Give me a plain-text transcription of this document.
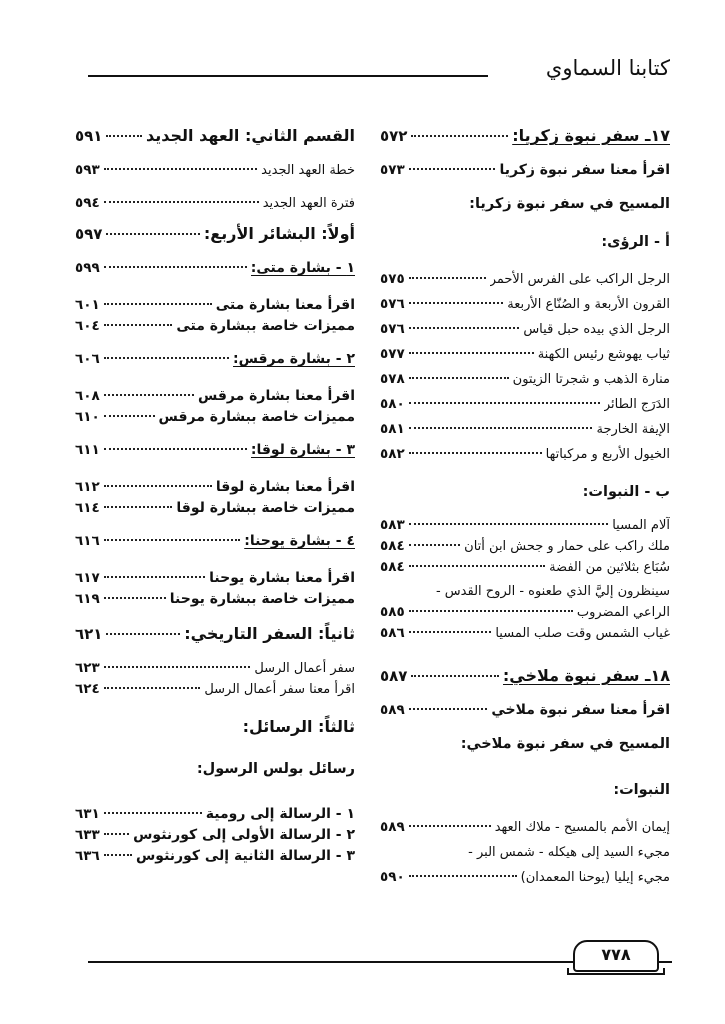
كتابنا السماوي
١٧ـ سفر نبوة زكريا:
٥٧٢
اقرأ معنا سفر نبوة زكريا
٥٧٣
المسيح في سفر نبوة زكريا:
أ - الرؤى:
الرجل الراكب على الفرس الأحمر
٥٧٥
القرون الأربعة و الصُنّاع الأربعة
٥٧٦
الرجل الذي بيده حبل قياس
٥٧٦
ثياب يهوشع رئيس الكهنة
٥٧٧
منارة الذهب و شجرتا الزيتون
٥٧٨
الدَرَج الطائر
٥٨٠
الإيفة الخارجة
٥٨١
الخيول الأربع و مركباتها
٥٨٢
ب - النبوات:
آلام المسيا
٥٨٣
ملك راكب على حمار و جحش ابن أتان
٥٨٤
سُبَاع بثلاثين من الفضة
٥٨٤
سينظرون إليَّ الذي طعنوه - الروح القدس -
الراعي المضروب
٥٨٥
غياب الشمس وقت صلب المسيا
٥٨٦
١٨ـ سفر نبوة ملاخي:
٥٨٧
اقرأ معنا سفر نبوة ملاخي
٥٨٩
المسيح في سفر نبوة ملاخي:
النبوات:
إيمان الأمم بالمسيح - ملاك العهد
٥٨٩
مجيء السيد إلى هيكله - شمس البر -
مجيء إيليا (يوحنا المعمدان)
٥٩٠
القسم الثاني: العهد الجديد
٥٩١
خطة العهد الجديد
٥٩٣
فترة العهد الجديد
٥٩٤
أولاً: البشائر الأربع:
٥٩٧
١ - بشارة متى:
٥٩٩
اقرأ معنا بشارة متى
٦٠١
مميزات خاصة ببشارة متى
٦٠٤
٢ - بشارة مرقس:
٦٠٦
اقرأ معنا بشارة مرقس
٦٠٨
مميزات خاصة ببشارة مرقس
٦١٠
٣ - بشارة لوقا:
٦١١
اقرأ معنا بشارة لوقا
٦١٢
مميزات خاصة ببشارة لوقا
٦١٤
٤ - بشارة يوحنا:
٦١٦
اقرأ معنا بشارة يوحنا
٦١٧
مميزات خاصة ببشارة يوحنا
٦١٩
ثانياً: السفر التاريخي:
٦٢١
سفر أعمال الرسل
٦٢٣
اقرأ معنا سفر أعمال الرسل
٦٢٤
ثالثاً: الرسائل:
رسائل بولس الرسول:
١ - الرسالة إلى رومية
٦٣١
٢ - الرسالة الأولى إلى كورنثوس
٦٣٣
٣ - الرسالة الثانية إلى كورنثوس
٦٣٦
٧٧٨
